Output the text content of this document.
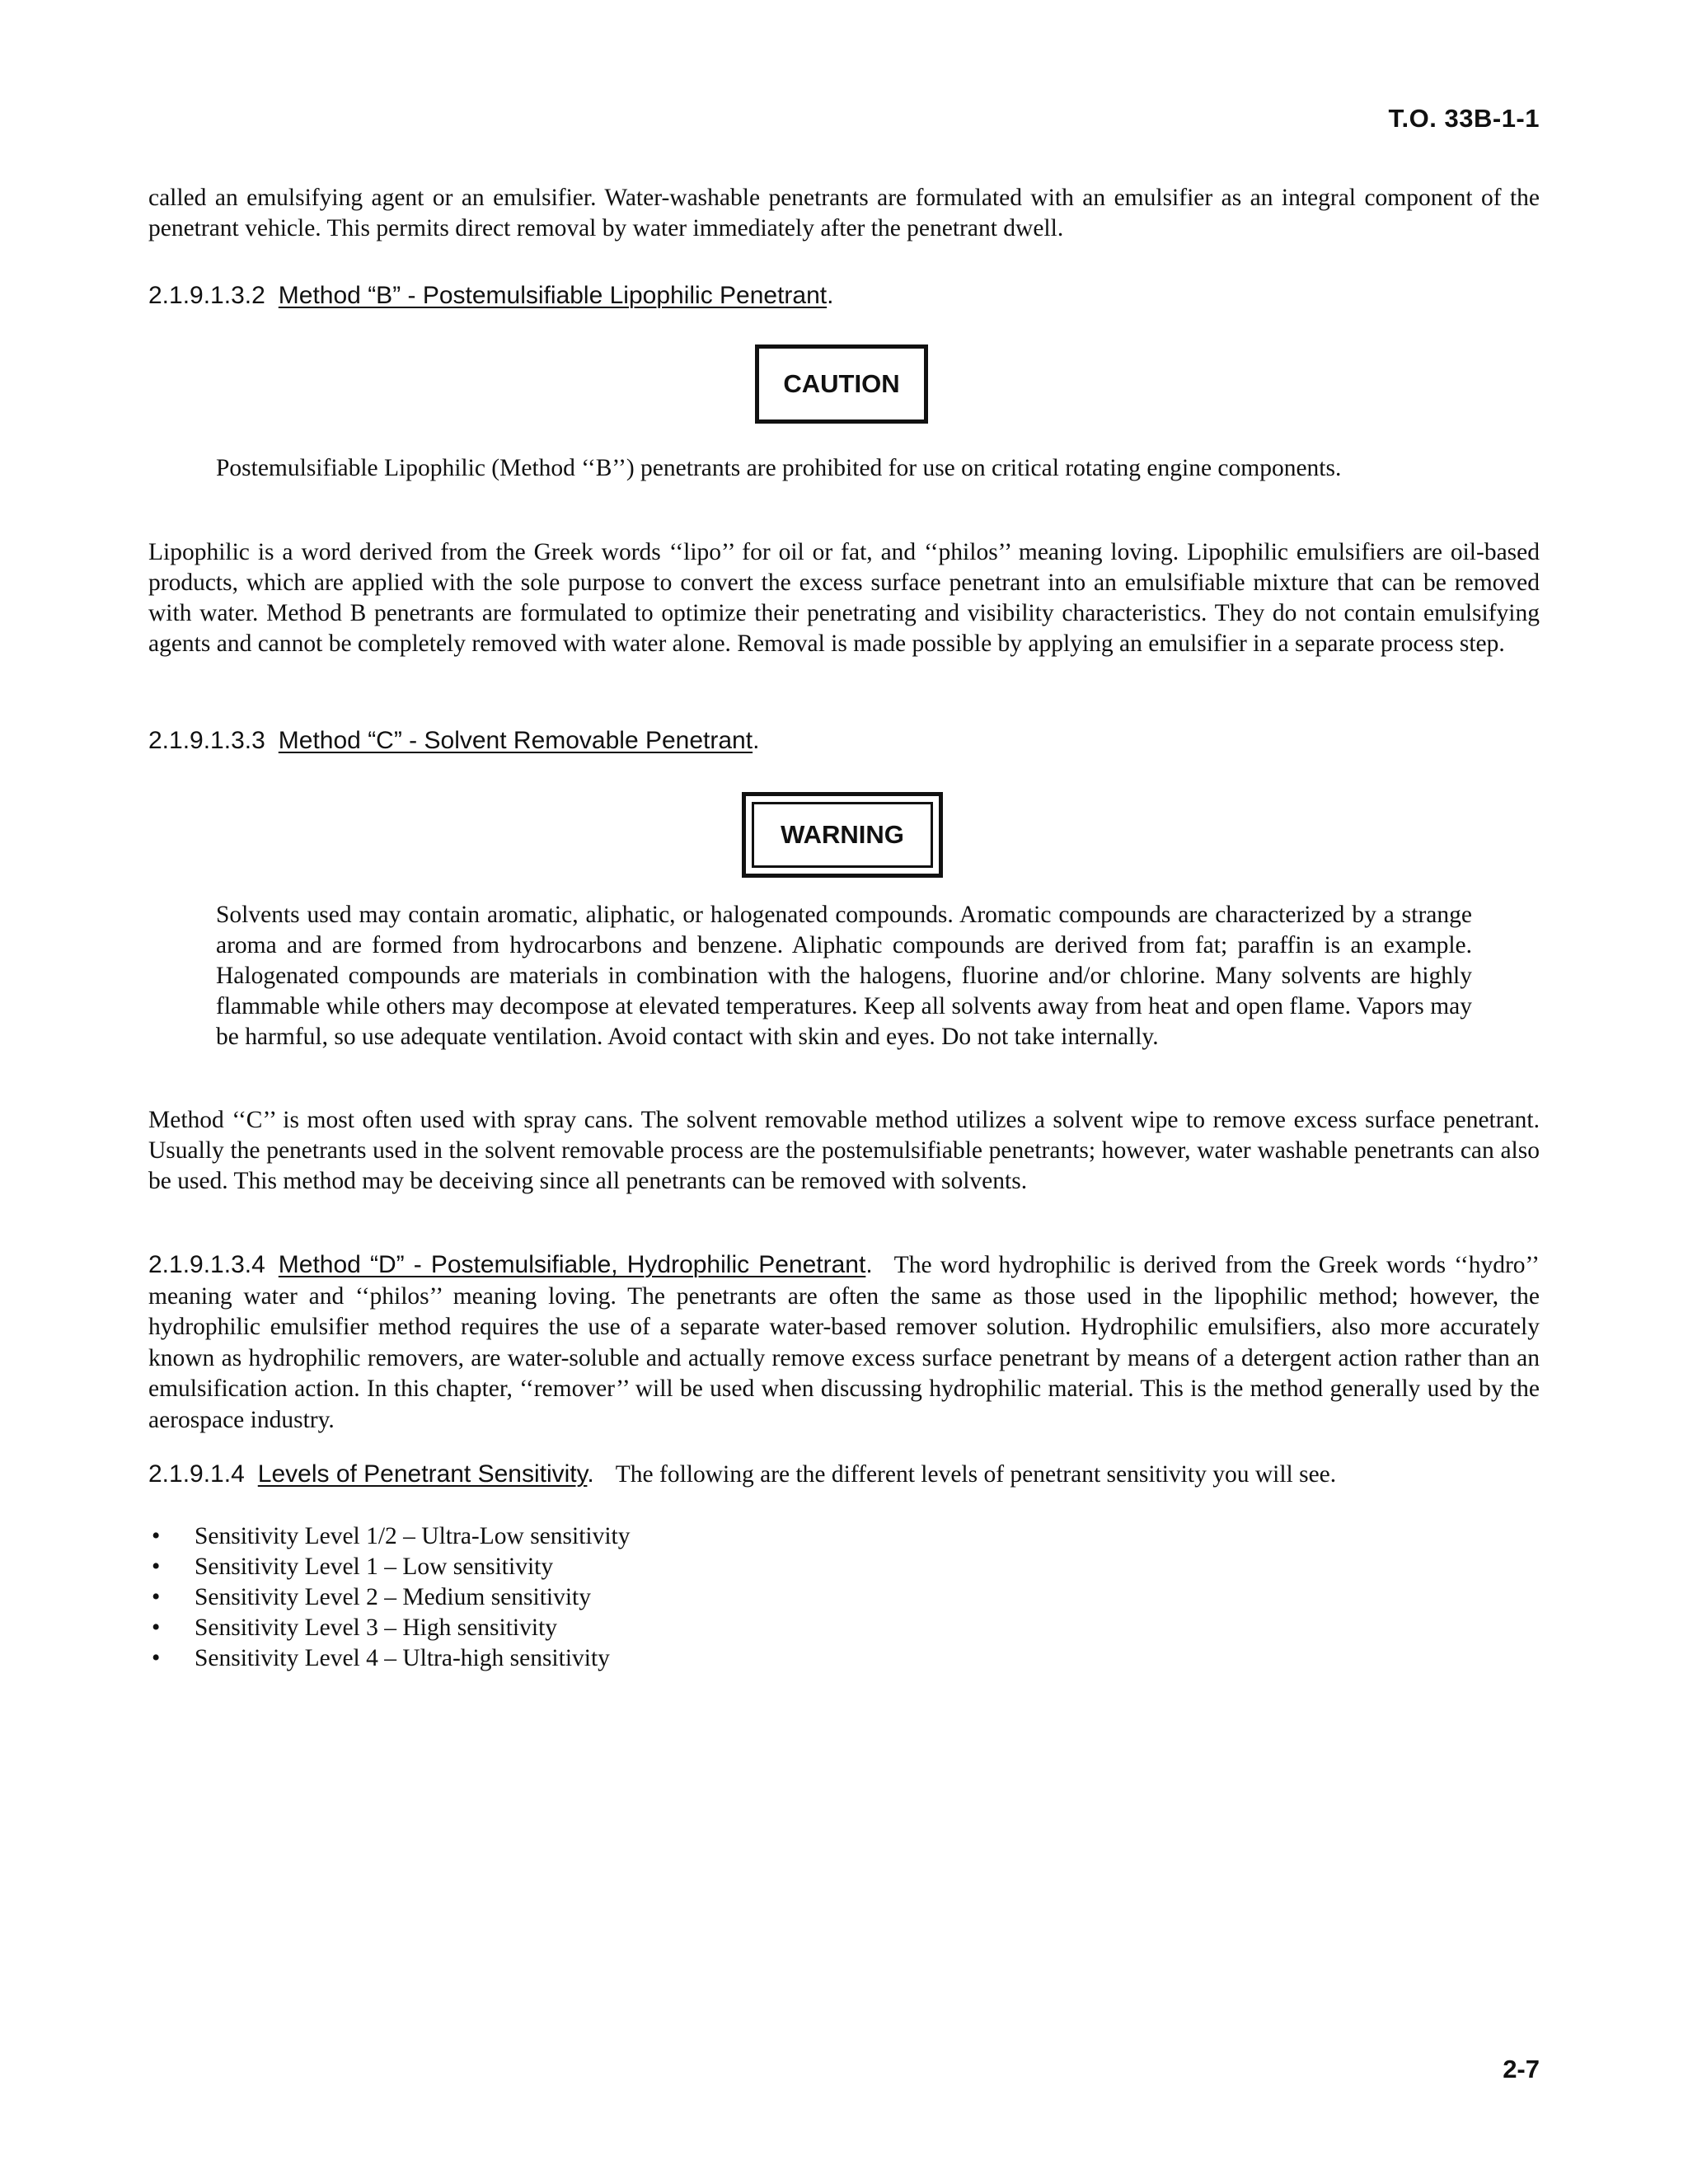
T.O. 33B-1-1

called an emulsifying agent or an emulsifier. Water-washable penetrants are formulated with an emulsifier as an integral component of the penetrant vehicle. This permits direct removal by water immediately after the penetrant dwell.

2.1.9.1.3.2 Method “B” - Postemulsifiable Lipophilic Penetrant.
CAUTION

Postemulsifiable Lipophilic (Method ‘‘B’’) penetrants are prohibited for use on critical rotating engine components.

Lipophilic is a word derived from the Greek words ‘‘lipo’’ for oil or fat, and ‘‘philos’’ meaning loving. Lipophilic emulsifiers are oil-based products, which are applied with the sole purpose to convert the excess surface penetrant into an emulsifiable mixture that can be removed with water. Method B penetrants are formulated to optimize their penetrating and visibility characteristics. They do not contain emulsifying agents and cannot be completely removed with water alone. Removal is made possible by applying an emulsifier in a separate process step.

2.1.9.1.3.3 Method “C” - Solvent Removable Penetrant.
WARNING

Solvents used may contain aromatic, aliphatic, or halogenated compounds. Aromatic compounds are characterized by a strange aroma and are formed from hydrocarbons and benzene. Aliphatic compounds are derived from fat; paraffin is an example. Halogenated compounds are materials in combination with the halogens, fluorine and/or chlorine. Many solvents are highly flammable while others may decompose at elevated temperatures. Keep all solvents away from heat and open flame. Vapors may be harmful, so use adequate ventilation. Avoid contact with skin and eyes. Do not take internally.

Method ‘‘C’’ is most often used with spray cans. The solvent removable method utilizes a solvent wipe to remove excess surface penetrant. Usually the penetrants used in the solvent removable process are the postemulsifiable penetrants; however, water washable penetrants can also be used. This method may be deceiving since all penetrants can be removed with solvents.

2.1.9.1.3.4 Method “D” - Postemulsifiable, Hydrophilic Penetrant. The word hydrophilic is derived from the Greek words ‘‘hydro’’ meaning water and ‘‘philos’’ meaning loving. The penetrants are often the same as those used in the lipophilic method; however, the hydrophilic emulsifier method requires the use of a separate water-based remover solution. Hydrophilic emulsifiers, also more accurately known as hydrophilic removers, are water-soluble and actually remove excess surface penetrant by means of a detergent action rather than an emulsification action. In this chapter, ‘‘remover’’ will be used when discussing hydrophilic material. This is the method generally used by the aerospace industry.

2.1.9.1.4 Levels of Penetrant Sensitivity. The following are the different levels of penetrant sensitivity you will see.

• Sensitivity Level 1/2 – Ultra-Low sensitivity
• Sensitivity Level 1 – Low sensitivity
• Sensitivity Level 2 – Medium sensitivity
• Sensitivity Level 3 – High sensitivity
• Sensitivity Level 4 – Ultra-high sensitivity
2-7
